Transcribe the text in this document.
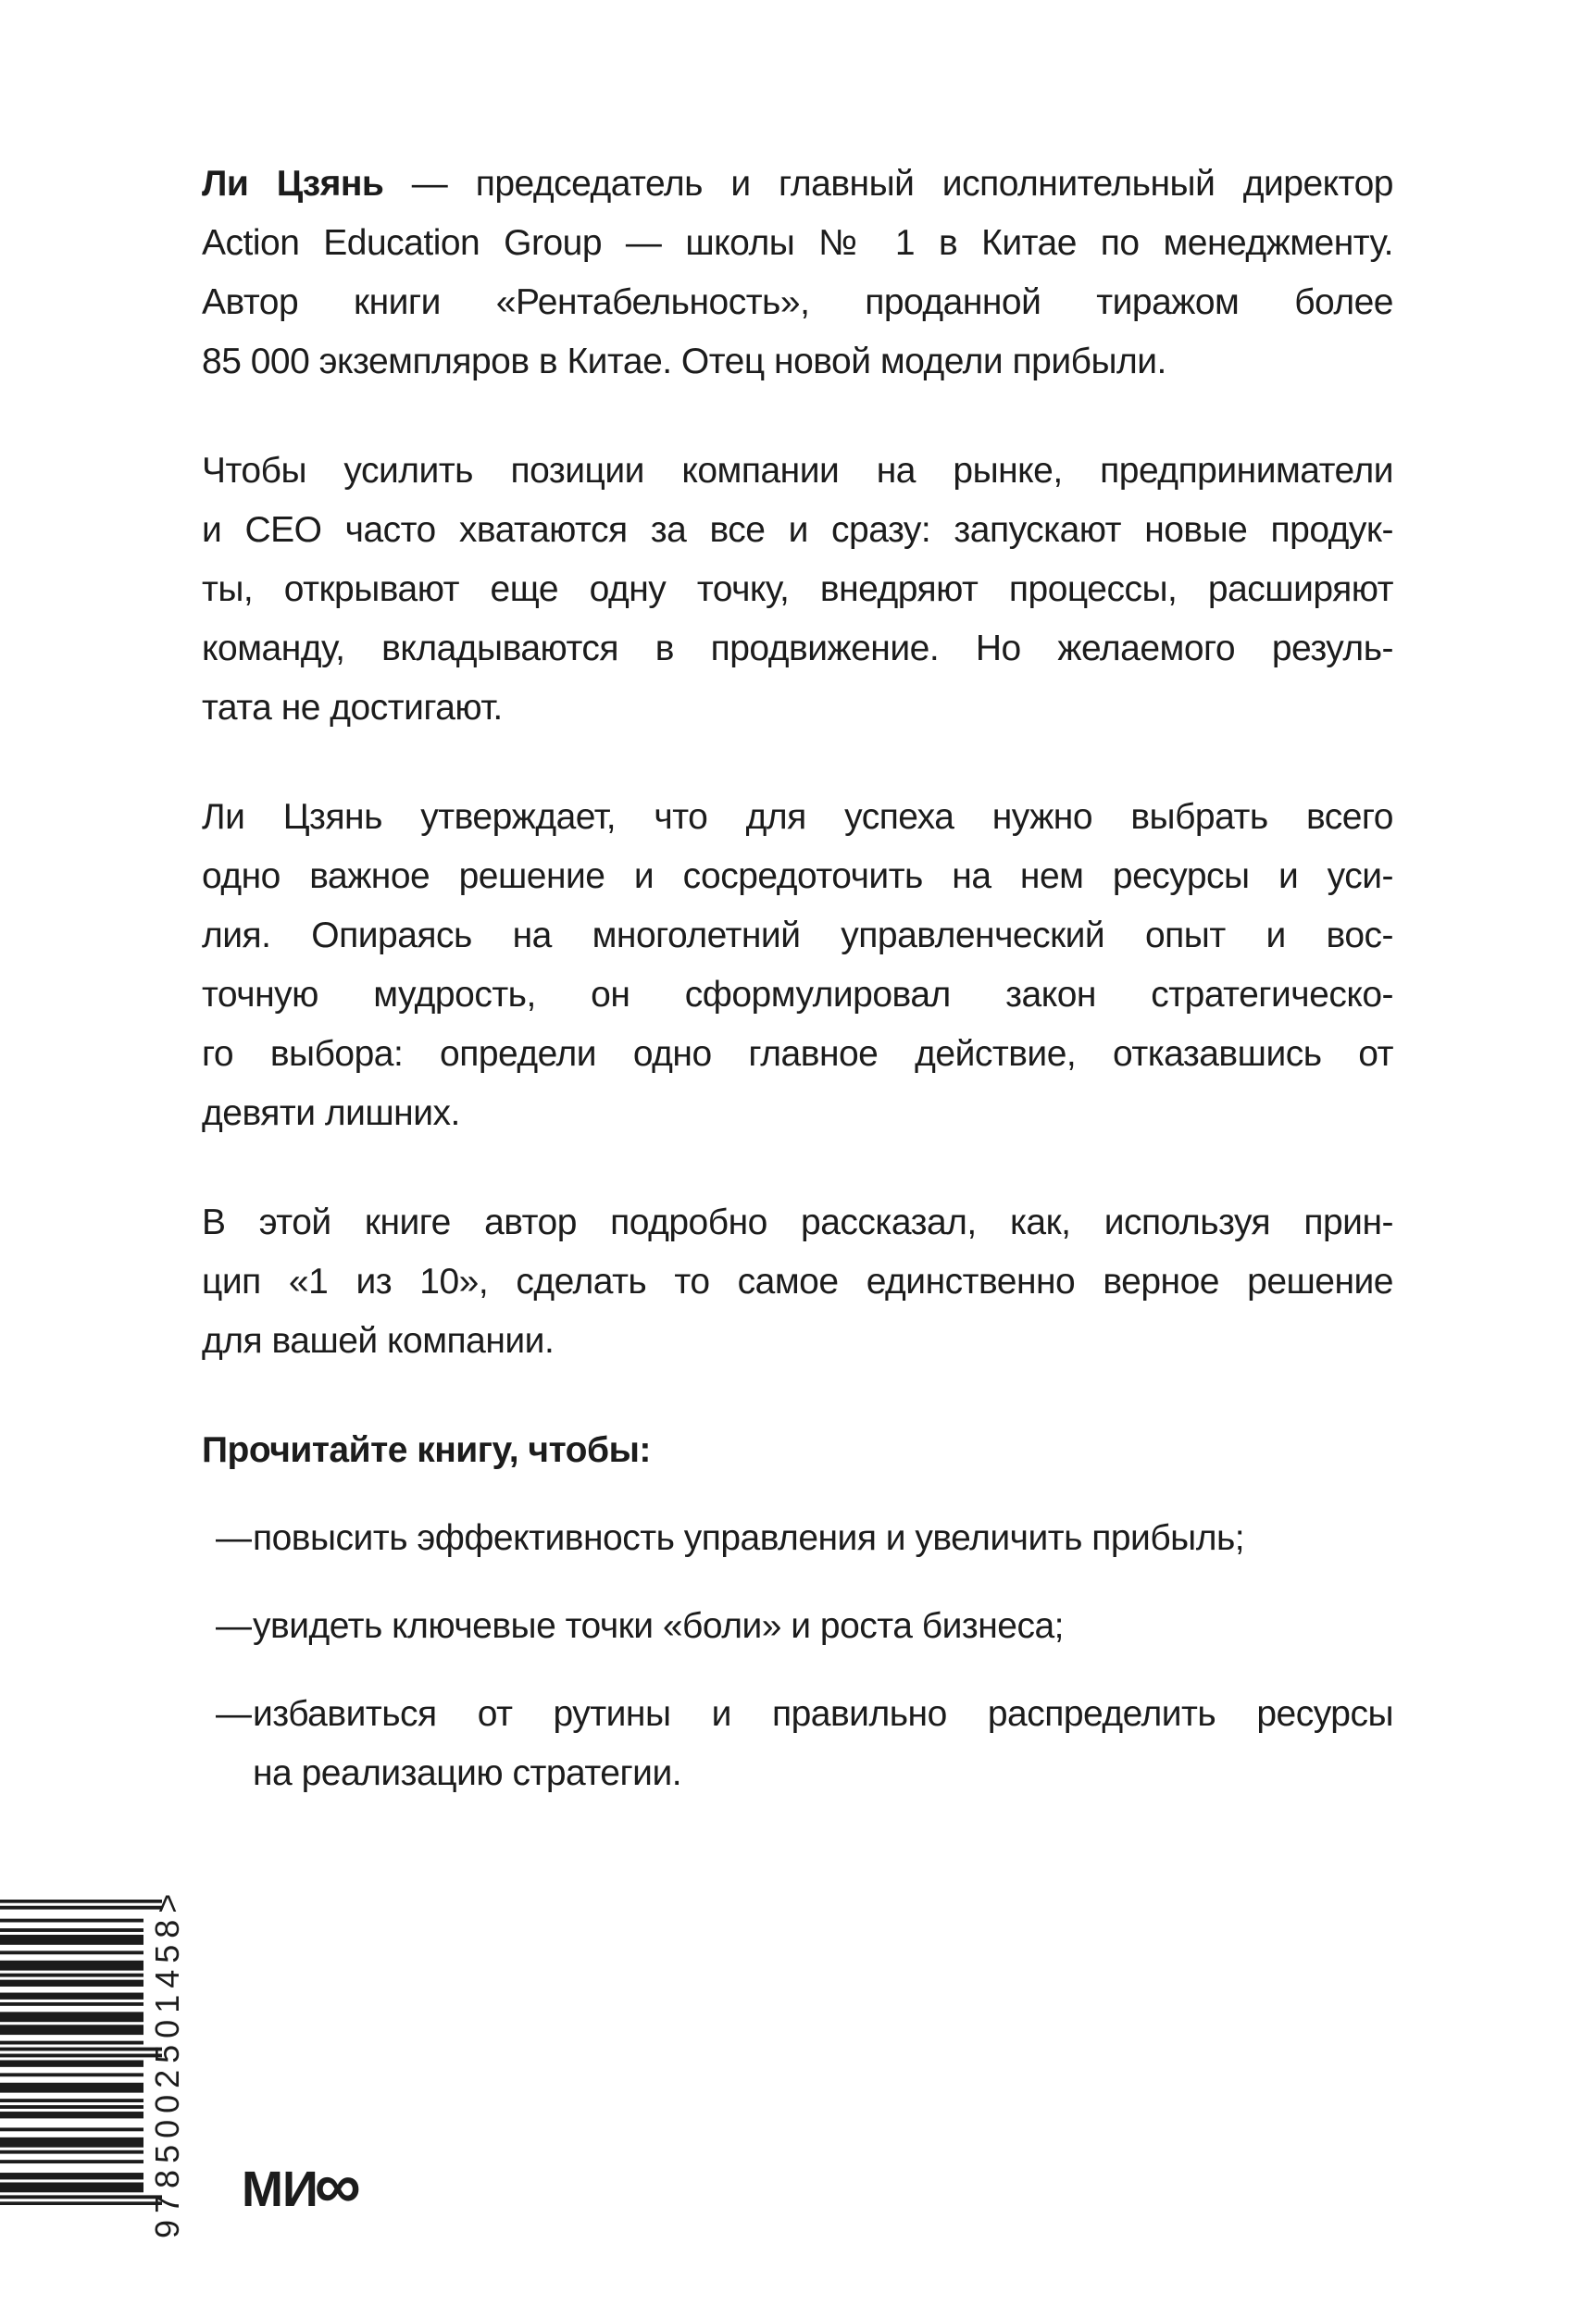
Ли Цзянь — председатель и главный исполнительный директор
Action Education Group — школы № 1 в Китае по менеджменту.
Автор книги «Рентабельность», проданной тиражом более
85 000 экземпляров в Китае. Отец новой модели прибыли.
Чтобы усилить позиции компании на рынке, предприниматели
и CEO часто хватаются за все и сразу: запускают новые продук-
ты, открывают еще одну точку, внедряют процессы, расширяют
команду, вкладываются в продвижение. Но желаемого резуль-
тата не достигают.
Ли Цзянь утверждает, что для успеха нужно выбрать всего
одно важное решение и сосредоточить на нем ресурсы и уси-
лия. Опираясь на многолетний управленческий опыт и вос-
точную мудрость, он сформулировал закон стратегическо-
го выбора: определи одно главное действие, отказавшись от
девяти лишних.
В этой книге автор подробно рассказал, как, используя прин-
цип «1 из 10», сделать то самое единственно верное решение
для вашей компании.
Прочитайте книгу, чтобы:
— повысить эффективность управления и увеличить прибыль;
— увидеть ключевые точки «боли» и роста бизнеса;
— избавиться от рутины и правильно распределить ресурсы
на реализацию стратегии.
9785002501458> МИ∞
